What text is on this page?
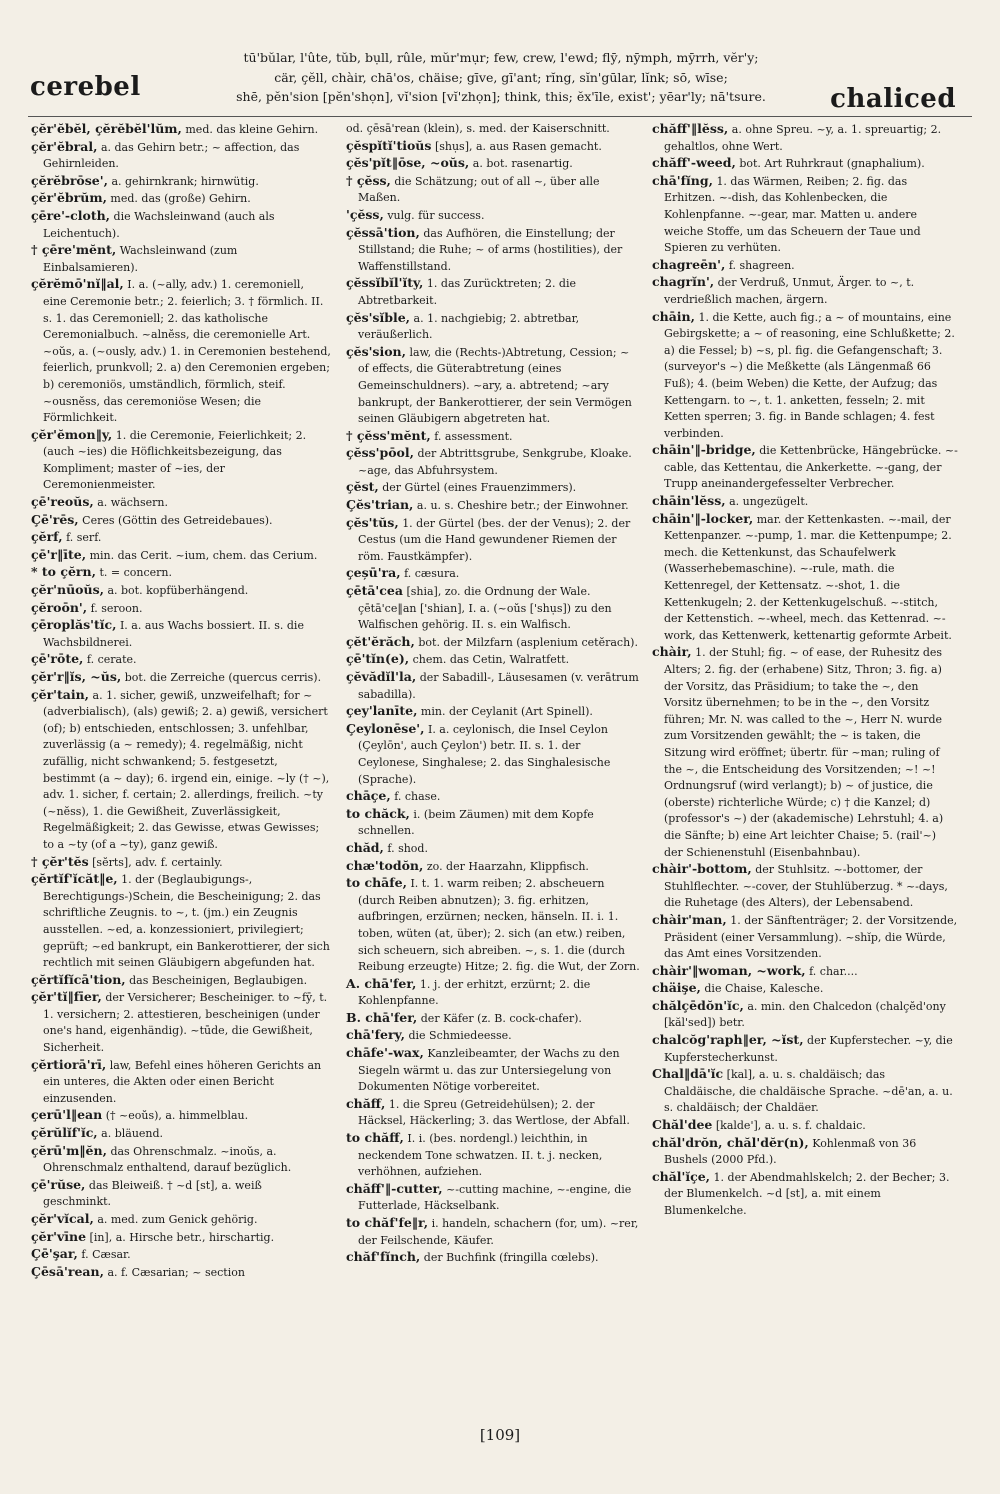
cerebel
tū'bŭlar, l'ûte, tŭb, bụll, rûle, mŭr'mụr; few, crew, l'ewd; flȳ, nȳmph, mȳrrh, vĕr'y;
cär, çĕll, chàir, chā'os, chäise; gīve, gī'ant; rĭng, sĭn'gūlar, lĭnk; sō, wīse;
shē, pĕn'sion [pĕn'shọn], vĭ'sion [vĭ'zhọn]; think, this; ĕx'īle, exist'; yēar'ly; nā'tsure.	chaliced

çĕr'ĕbĕl, çĕrĕbĕl'lŭm, med. das kleine Gehirn.

çĕr'ĕbral, a. das Gehirn betr.; ~ affection, das Gehirnleiden.

çĕrĕbrōse', a. gehirnkrank; hirnwütig.

çĕr'ĕbrŭm, med. das (große) Gehirn.

çēre'-cloth, die Wachsleinwand (auch als Leichentuch).

† çēre'mĕnt, Wachsleinwand (zum Einbalsamieren).

çĕrĕmō'nĭ‖al, I. a. (~ally, adv.) 1. ceremoniell, eine Ceremonie betr.; 2. feierlich; 3. † förmlich. II. s. 1. das Ceremoniell; 2. das katholische Ceremonialbuch. ~alnĕss, die ceremonielle Art. ~oŭs, a. (~ously, adv.) 1. in Ceremonien bestehend, feierlich, prunkvoll; 2. a) den Ceremonien ergeben; b) ceremoniös, umständlich, förmlich, steif. ~ousnĕss, das ceremoniöse Wesen; die Förmlichkeit.

çĕr'ĕmon‖y, 1. die Ceremonie, Feierlichkeit; 2. (auch ~ies) die Höflichkeitsbezeigung, das Kompliment; master of ~ies, der Ceremonienmeister.

çē'reoŭs, a. wächsern.

Çē'rēs, Ceres (Göttin des Getreidebaues).

çĕrf, f. serf.

çē'r‖īte, min. das Cerit. ~ium, chem. das Cerium.

* to çĕrn, t. = concern.

çĕr'nūoŭs, a. bot. kopfüberhängend.

çĕroōn', f. seroon.

çēroplăs'tĭc, I. a. aus Wachs bossiert. II. s. die Wachsbildnerei.

çē'rōte, f. cerate.

çĕr'r‖ĭs, ~ŭs, bot. die Zerreiche (quercus cerris).

çĕr'tain, a. 1. sicher, gewiß, unzweifelhaft; for ~ (adverbialisch), (als) gewiß; 2. a) gewiß, versichert (of); b) entschieden, entschlossen; 3. unfehlbar, zuverlässig (a ~ remedy); 4. regelmäßig, nicht zufällig, nicht schwankend; 5. festgesetzt, bestimmt (a ~ day); 6. irgend ein, einige. ~ly († ~), adv. 1. sicher, f. certain; 2. allerdings, freilich. ~ty (~nĕss), 1. die Gewißheit, Zuverlässigkeit, Regelmäßigkeit; 2. das Gewisse, etwas Gewisses; to a ~ty (of a ~ty), ganz gewiß.

† çĕr'tĕs [sĕrts], adv. f. certainly.

çĕrtĭf'ĭcăt‖e, 1. der (Beglaubigungs-, Berechtigungs-)Schein, die Bescheinigung; 2. das schriftliche Zeugnis. to ~, t. (jm.) ein Zeugnis ausstellen. ~ed, a. konzessioniert, privilegiert; geprüft; ~ed bankrupt, ein Bankerottierer, der sich rechtlich mit seinen Gläubigern abgefunden hat.

çĕrtĭfĭcā'tion, das Bescheinigen, Beglaubigen.

çĕr'tĭ‖fīer, der Versicherer; Bescheiniger. to ~fȳ, t. 1. versichern; 2. attestieren, bescheinigen (under one's hand, eigenhändig). ~tūde, die Gewißheit, Sicherheit.

çĕrtiorā'rī, law, Befehl eines höheren Gerichts an ein unteres, die Akten oder einen Bericht einzusenden.

çerū'l‖ean († ~eoŭs), a. himmelblau.

çĕrŭlĭf'ĭc, a. bläuend.

çĕrū'm‖ĕn, das Ohrenschmalz. ~inoŭs, a. Ohrenschmalz enthaltend, darauf bezüglich.

çē'rŭse, das Bleiweiß. † ~d [st], a. weiß geschminkt.

çĕr'vĭcal, a. med. zum Genick gehörig.

çĕr'vīne [in], a. Hirsche betr., hirschartig.

Çē'şar, f. Cæsar.

Çēsā'rean, a. f. Cæsarian; ~ section

od. çēsā'rean (klein), s. med. der Kaiserschnitt.

çĕspĭtĭ'tioŭs [shụs], a. aus Rasen gemacht.

çĕs'pĭt‖ōse, ~oŭs, a. bot. rasenartig.

† çĕss, die Schätzung; out of all ~, über alle Maßen.

'çĕss, vulg. für success.

çĕssā'tion, das Aufhören, die Einstellung; der Stillstand; die Ruhe; ~ of arms (hostilities), der Waffenstillstand.

çĕssĭbĭl'ĭty, 1. das Zurücktreten; 2. die Abtretbarkeit.

çĕs'sĭble, a. 1. nachgiebig; 2. abtretbar, veräußerlich.

çĕs'sion, law, die (Rechts-)Abtretung, Cession; ~ of effects, die Güterabtretung (eines Gemeinschuldners). ~ary, a. abtretend; ~ary bankrupt, der Bankerottierer, der sein Vermögen seinen Gläubigern abgetreten hat.

† çĕss'mĕnt, f. assessment.

çĕss'pōol, der Abtrittsgrube, Senkgrube, Kloake. ~age, das Abfuhrsystem.

çĕst, der Gürtel (eines Frauenzimmers).

Çĕs'trian, a. u. s. Cheshire betr.; der Einwohner.

çĕs'tŭs, 1. der Gürtel (bes. der der Venus); 2. der Cestus (um die Hand gewundener Riemen der röm. Faustkämpfer).

çeșū'ra, f. cæsura.

çētā'cea [shia], zo. die Ordnung der Wale. çētā'ce‖an ['shian], I. a. (~oŭs ['shụs]) zu den Walfischen gehörig. II. s. ein Walfisch.

çĕt'ĕrăch, bot. der Milzfarn (asplenium cetĕrach).

çē'tĭn(e), chem. das Cetin, Walratfett.

çĕvădĭl'la, der Sabadill-, Läusesamen (v. verātrum sabadilla).

çey'lanīte, min. der Ceylanit (Art Spinell).

Çeylonēse', I. a. ceylonisch, die Insel Ceylon (Çeylōn', auch Çeylon') betr. II. s. 1. der Ceylonese, Singhalese; 2. das Singhalesische (Sprache).

chāçe, f. chase.

to chăck, i. (beim Zäumen) mit dem Kopfe schnellen.

chăd, f. shod.

chæ'todŏn, zo. der Haarzahn, Klippfisch.

to chāfe, I. t. 1. warm reiben; 2. abscheuern (durch Reiben abnutzen); 3. fig. erhitzen, aufbringen, erzürnen; necken, hänseln. II. i. 1. toben, wüten (at, über); 2. sich (an etw.) reiben, sich scheuern, sich abreiben. ~, s. 1. die (durch Reibung erzeugte) Hitze; 2. fig. die Wut, der Zorn.

A. chā'fer, 1. j. der erhitzt, erzürnt; 2. die Kohlenpfanne.

B. chā'fer, der Käfer (z. B. cock-chafer).

chā'fery, die Schmiedeesse.

chāfe'-wax, Kanzleibeamter, der Wachs zu den Siegeln wärmt u. das zur Untersiegelung von Dokumenten Nötige vorbereitet.

chăff, 1. die Spreu (Getreidehülsen); 2. der Häcksel, Häckerling; 3. das Wertlose, der Abfall.

to chăff, I. i. (bes. nordengl.) leichthin, in neckendem Tone schwatzen. II. t. j. necken, verhöhnen, aufziehen.

chăff'‖-cutter, ~-cutting machine, ~-engine, die Futterlade, Häckselbank.

to chăf'fe‖r, i. handeln, schachern (for, um). ~rer, der Feilschende, Käufer.

chăf'fĭnch, der Buchfink (fringilla cœlebs).

chăff'‖lĕss, a. ohne Spreu. ~y, a. 1. spreuartig; 2. gehaltlos, ohne Wert.

chăff'-weed, bot. Art Ruhrkraut (gnaphalium).

chā'fĭng, 1. das Wärmen, Reiben; 2. fig. das Erhitzen. ~-dish, das Kohlenbecken, die Kohlenpfanne. ~-gear, mar. Matten u. andere weiche Stoffe, um das Scheuern der Taue und Spieren zu verhüten.

chagreēn', f. shagreen.

chagrĭn', der Verdruß, Unmut, Ärger. to ~, t. verdrießlich machen, ärgern.

chāin, 1. die Kette, auch fig.; a ~ of mountains, eine Gebirgskette; a ~ of reasoning, eine Schlußkette; 2. a) die Fessel; b) ~s, pl. fig. die Gefangenschaft; 3. (surveyor's ~) die Meßkette (als Längenmaß 66 Fuß); 4. (beim Weben) die Kette, der Aufzug; das Kettengarn. to ~, t. 1. anketten, fesseln; 2. mit Ketten sperren; 3. fig. in Bande schlagen; 4. fest verbinden.

chāin'‖-bridge, die Kettenbrücke, Hängebrücke. ~-cable, das Kettentau, die Ankerkette. ~-gang, der Trupp aneinandergefesselter Verbrecher.

chāin'lĕss, a. ungezügelt.

chāin'‖-locker, mar. der Kettenkasten. ~-mail, der Kettenpanzer. ~-pump, 1. mar. die Kettenpumpe; 2. mech. die Kettenkunst, das Schaufelwerk (Wasserhebemaschine). ~-rule, math. die Kettenregel, der Kettensatz. ~-shot, 1. die Kettenkugeln; 2. der Kettenkugelschuß. ~-stitch, der Kettenstich. ~-wheel, mech. das Kettenrad. ~-work, das Kettenwerk, kettenartig geformte Arbeit.

chàir, 1. der Stuhl; fig. ~ of ease, der Ruhesitz des Alters; 2. fig. der (erhabene) Sitz, Thron; 3. fig. a) der Vorsitz, das Präsidium; to take the ~, den Vorsitz übernehmen; to be in the ~, den Vorsitz führen; Mr. N. was called to the ~, Herr N. wurde zum Vorsitzenden gewählt; the ~ is taken, die Sitzung wird eröffnet; übertr. für ~man; ruling of the ~, die Entscheidung des Vorsitzenden; ~! ~! Ordnungsruf (wird verlangt); b) ~ of justice, die (oberste) richterliche Würde; c) † die Kanzel; d) (professor's ~) der (akademische) Lehrstuhl; 4. a) die Sänfte; b) eine Art leichter Chaise; 5. (rail'~) der Schienenstuhl (Eisenbahnbau).

chàir'-bottom, der Stuhlsitz. ~-bottomer, der Stuhlflechter. ~-cover, der Stuhlüberzug. * ~-days, die Ruhetage (des Alters), der Lebensabend.

chàir'man, 1. der Sänftenträger; 2. der Vorsitzende, Präsident (einer Versammlung). ~shĭp, die Würde, das Amt eines Vorsitzenden.

chàir'‖woman, ~work, f. char....

chäişe, die Chaise, Kalesche.

chălçēdŏn'ĭc, a. min. den Chalcedon (chalçĕd'ony [kăl'sed]) betr.

chalcŏg'raph‖er, ~ĭst, der Kupferstecher. ~y, die Kupferstecherkunst.

Chal‖dā'ĭc [kal], a. u. s. chaldäisch; das Chaldäische, die chaldäische Sprache. ~dē'an, a. u. s. chaldäisch; der Chaldäer.

Chăl'dee [kalde'], a. u. s. f. chaldaic.

chăl'drŏn, chăl'dĕr(n), Kohlenmaß von 36 Bushels (2000 Pfd.).

chăl'ĭçe, 1. der Abendmahlskelch; 2. der Becher; 3. der Blumenkelch. ~d [st], a. mit einem Blumenkelche.

[109]
